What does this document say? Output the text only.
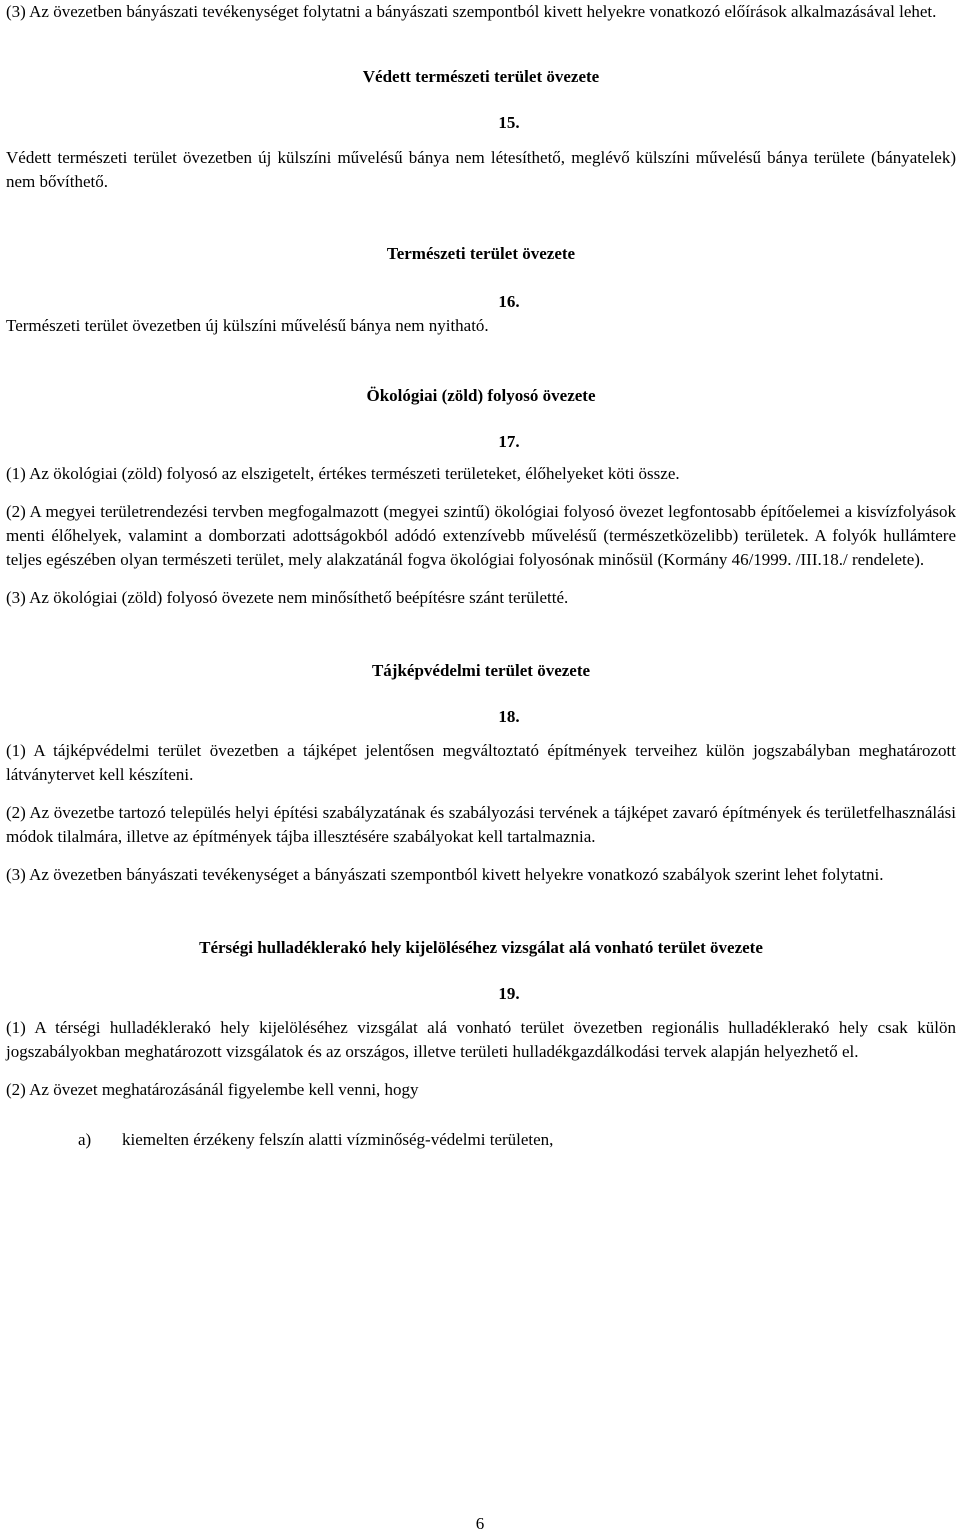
(3) Az övezetben bányászati tevékenységet folytatni a bányászati szempontból kivett helyekre vonatkozó előírások alkalmazásával lehet.

Védett természeti terület övezete
15.

Védett természeti terület övezetben új külszíni művelésű bánya nem létesíthető, meglévő külszíni művelésű bánya területe (bányatelek) nem bővíthető.

Természeti terület övezete
16.

Természeti terület övezetben új külszíni művelésű bánya nem nyitható.

Ökológiai (zöld) folyosó övezete
17.

(1) Az ökológiai (zöld) folyosó az elszigetelt, értékes természeti területeket, élőhelyeket köti össze.

(2) A megyei területrendezési tervben megfogalmazott (megyei szintű) ökológiai folyosó övezet legfontosabb építőelemei a kisvízfolyások menti élőhelyek, valamint a domborzati adottságokból adódó extenzívebb művelésű (természetközelibb) területek. A folyók hullámtere teljes egészében olyan természeti terület, mely alakzatánál fogva ökológiai folyosónak minősül (Kormány 46/1999. /III.18./ rendelete).

(3) Az ökológiai (zöld) folyosó övezete nem minősíthető beépítésre szánt területté.

Tájképvédelmi terület övezete
18.

(1) A tájképvédelmi terület övezetben a tájképet jelentősen megváltoztató építmények terveihez külön jogszabályban meghatározott látványtervet kell készíteni.

(2) Az övezetbe tartozó település helyi építési szabályzatának és szabályozási tervének a tájképet zavaró építmények és területfelhasználási módok tilalmára, illetve az építmények tájba illesztésére szabályokat kell tartalmaznia.

(3) Az övezetben bányászati tevékenységet a bányászati szempontból kivett helyekre vonatkozó szabályok szerint lehet folytatni.

Térségi hulladéklerakó hely kijelöléséhez vizsgálat alá vonható terület övezete
19.

(1) A térségi hulladéklerakó hely kijelöléséhez vizsgálat alá vonható terület övezetben regionális hulladéklerakó hely csak külön jogszabályokban meghatározott vizsgálatok és az országos, illetve területi hulladékgazdálkodási tervek alapján helyezhető el.

(2) Az övezet meghatározásánál figyelembe kell venni, hogy

a)	kiemelten érzékeny felszín alatti vízminőség-védelmi területen,
6
